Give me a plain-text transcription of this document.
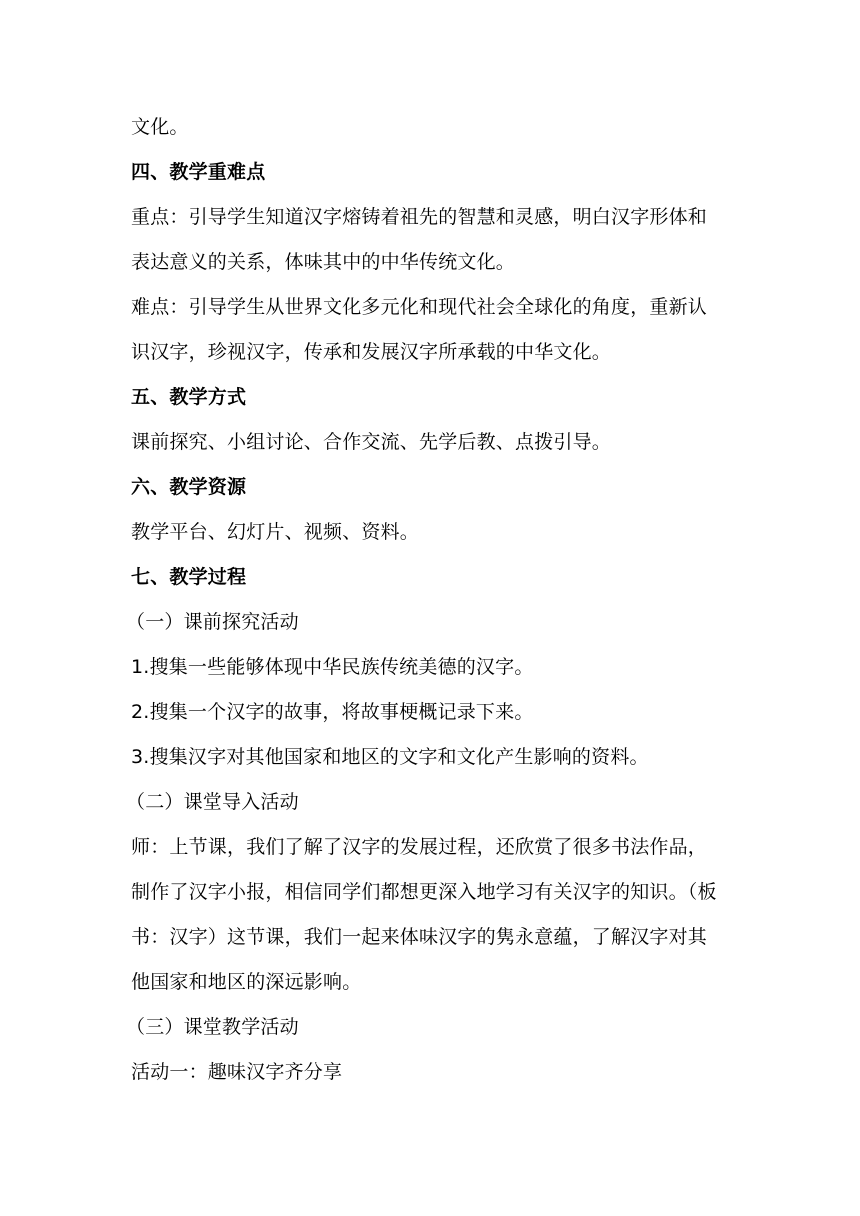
文化。
四、教学重难点
重点：引导学生知道汉字熔铸着祖先的智慧和灵感，明白汉字形体和
表达意义的关系，体味其中的中华传统文化。
难点：引导学生从世界文化多元化和现代社会全球化的角度，重新认
识汉字，珍视汉字，传承和发展汉字所承载的中华文化。
五、教学方式
课前探究、小组讨论、合作交流、先学后教、点拨引导。
六、教学资源
教学平台、幻灯片、视频、资料。
七、教学过程
（一）课前探究活动
1.搜集一些能够体现中华民族传统美德的汉字。
2.搜集一个汉字的故事，将故事梗概记录下来。
3.搜集汉字对其他国家和地区的文字和文化产生影响的资料。
（二）课堂导入活动
师：上节课，我们了解了汉字的发展过程，还欣赏了很多书法作品，
制作了汉字小报，相信同学们都想更深入地学习有关汉字的知识。（板
书：汉字）这节课，我们一起来体味汉字的隽永意蕴，了解汉字对其
他国家和地区的深远影响。
（三）课堂教学活动
活动一：趣味汉字齐分享
